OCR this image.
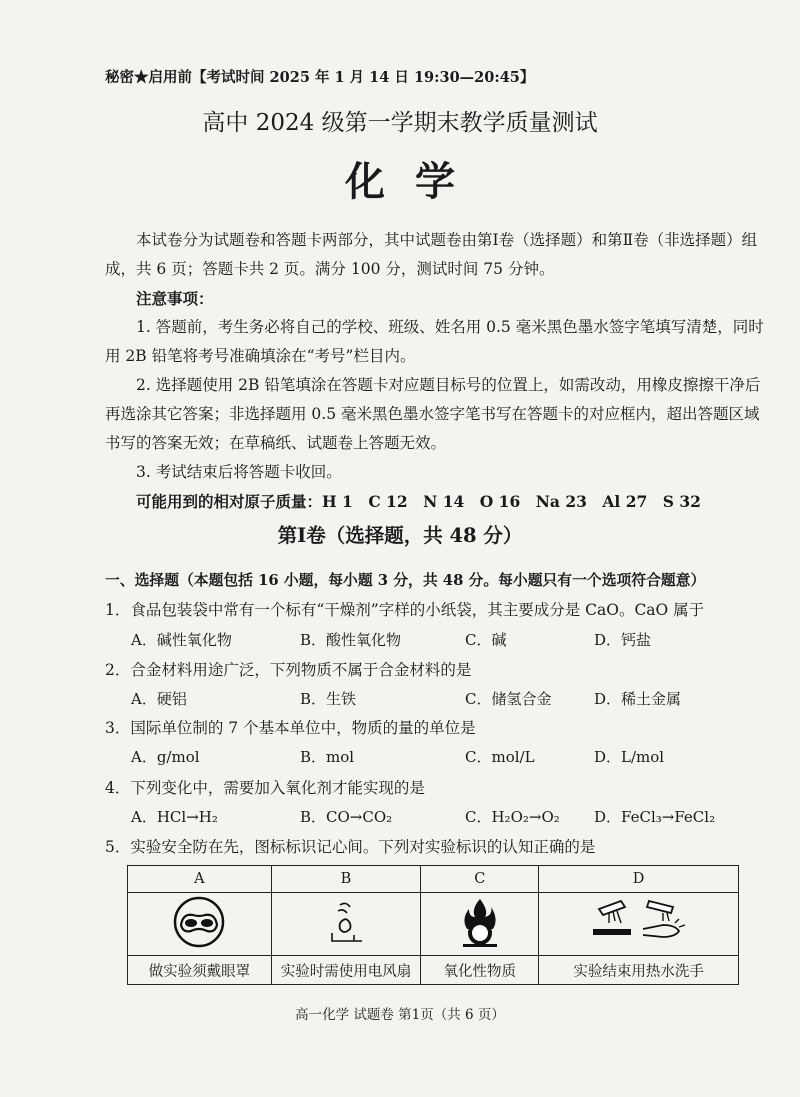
秘密★启用前【考试时间 2025 年 1 月 14 日 19:30—20:45】
高中 2024 级第一学期末教学质量测试
化学
本试卷分为试题卷和答题卡两部分，其中试题卷由第Ⅰ卷（选择题）和第Ⅱ卷（非选择题）组成，共 6 页；答题卡共 2 页。满分 100 分，测试时间 75 分钟。
注意事项：
1. 答题前，考生务必将自己的学校、班级、姓名用 0.5 毫米黑色墨水签字笔填写清楚，同时用 2B 铅笔将考号准确填涂在“考号”栏目内。
2. 选择题使用 2B 铅笔填涂在答题卡对应题目标号的位置上，如需改动，用橡皮擦擦干净后再选涂其它答案；非选择题用 0.5 毫米黑色墨水签字笔书写在答题卡的对应框内，超出答题区域书写的答案无效；在草稿纸、试题卷上答题无效。
3. 考试结束后将答题卡收回。
可能用到的相对原子质量：H 1　C 12　N 14　O 16　Na 23　Al 27　S 32
第Ⅰ卷（选择题，共 48 分）
一、选择题（本题包括 16 小题，每小题 3 分，共 48 分。每小题只有一个选项符合题意）
1．食品包装袋中常有一个标有“干燥剂”字样的小纸袋，其主要成分是 CaO。CaO 属于
A．碱性氧化物	B．酸性氧化物	C．碱	D．钙盐
2．合金材料用途广泛，下列物质不属于合金材料的是
A．硬铝	B．生铁	C．储氢合金	D．稀土金属
3．国际单位制的 7 个基本单位中，物质的量的单位是
A．g/mol	B．mol	C．mol/L	D．L/mol
4．下列变化中，需要加入氧化剂才能实现的是
A．HCl→H₂	B．CO→CO₂	C．H₂O₂→O₂ D．FeCl₃→FeCl₂
5．实验安全防在先，图标标识记心间。下列对实验标识的认知正确的是
A	B	C	D

做实验须戴眼罩	实验时需使用电风扇	氧化性物质	实验结束用热水洗手
高一化学 试题卷 第1页（共 6 页）
